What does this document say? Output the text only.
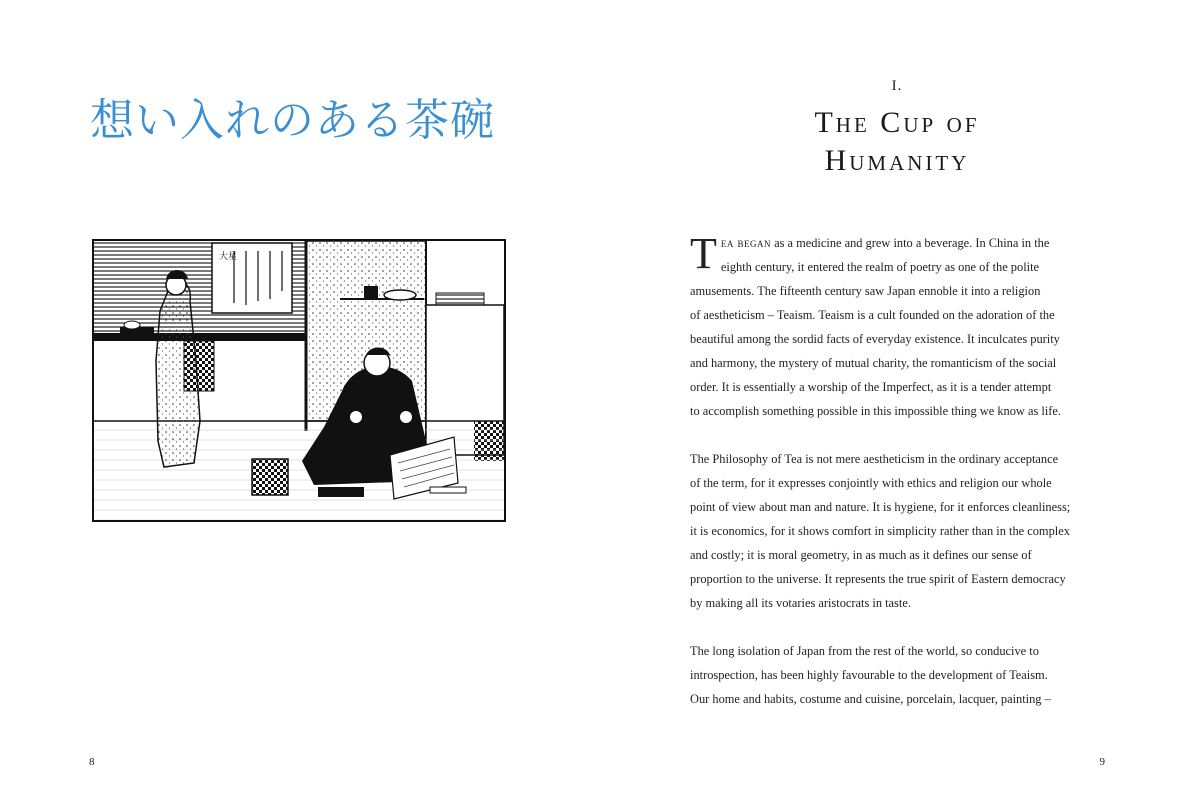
想い入れのある茶碗
大星

8

I.

The Cup of
Humanity

T ea began as a medicine and grew into a beverage. In China in the
eighth century, it entered the realm of poetry as one of the polite
amusements. The fifteenth century saw Japan ennoble it into a religion
of aestheticism – Teaism. Teaism is a cult founded on the adoration of the
beautiful among the sordid facts of everyday existence. It inculcates purity
and harmony, the mystery of mutual charity, the romanticism of the social
order. It is essentially a worship of the Imperfect, as it is a tender attempt
to accomplish something possible in this impossible thing we know as life.

The Philosophy of Tea is not mere aestheticism in the ordinary acceptance
of the term, for it expresses conjointly with ethics and religion our whole
point of view about man and nature. It is hygiene, for it enforces cleanliness;
it is economics, for it shows comfort in simplicity rather than in the complex
and costly; it is moral geometry, in as much as it defines our sense of
proportion to the universe. It represents the true spirit of Eastern democracy
by making all its votaries aristocrats in taste.

The long isolation of Japan from the rest of the world, so conducive to
introspection, has been highly favourable to the development of Teaism.
Our home and habits, costume and cuisine, porcelain, lacquer, painting –

9
